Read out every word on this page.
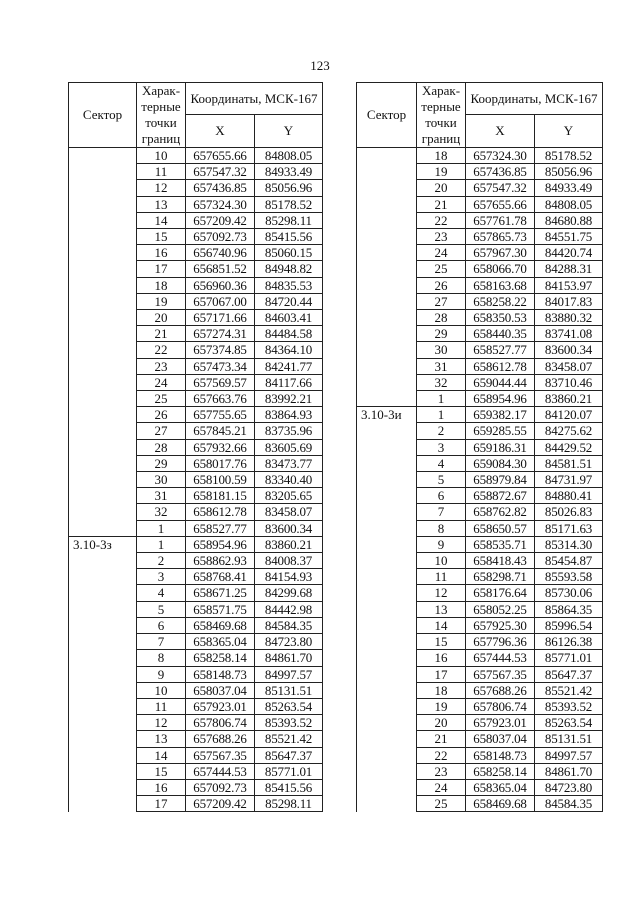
123
Сектор	Харак-терные точки границ	Координаты, МСК-167	
		X	Y
	10	657655.66	84808.05
	11	657547.32	84933.49
	12	657436.85	85056.96
	13	657324.30	85178.52
	14	657209.42	85298.11
	15	657092.73	85415.56
	16	656740.96	85060.15
	17	656851.52	84948.82
	18	656960.36	84835.53
	19	657067.00	84720.44
	20	657171.66	84603.41
	21	657274.31	84484.58
	22	657374.85	84364.10
	23	657473.34	84241.77
	24	657569.57	84117.66
	25	657663.76	83992.21
	26	657755.65	83864.93
	27	657845.21	83735.96
	28	657932.66	83605.69
	29	658017.76	83473.77
	30	658100.59	83340.40
	31	658181.15	83205.65
	32	658612.78	83458.07
	1	658527.77	83600.34
3.10-3з	1	658954.96	83860.21
	2	658862.93	84008.37
	3	658768.41	84154.93
	4	658671.25	84299.68
	5	658571.75	84442.98
	6	658469.68	84584.35
	7	658365.04	84723.80
	8	658258.14	84861.70
	9	658148.73	84997.57
	10	658037.04	85131.51
	11	657923.01	85263.54
	12	657806.74	85393.52
	13	657688.26	85521.42
	14	657567.35	85647.37
	15	657444.53	85771.01
	16	657092.73	85415.56
	17	657209.42	85298.11
Сектор	Харак-терные точки границ	Координаты, МСК-167	
		X	Y
	18	657324.30	85178.52
	19	657436.85	85056.96
	20	657547.32	84933.49
	21	657655.66	84808.05
	22	657761.78	84680.88
	23	657865.73	84551.75
	24	657967.30	84420.74
	25	658066.70	84288.31
	26	658163.68	84153.97
	27	658258.22	84017.83
	28	658350.53	83880.32
	29	658440.35	83741.08
	30	658527.77	83600.34
	31	658612.78	83458.07
	32	659044.44	83710.46
	1	658954.96	83860.21
3.10-3и	1	659382.17	84120.07
	2	659285.55	84275.62
	3	659186.31	84429.52
	4	659084.30	84581.51
	5	658979.84	84731.97
	6	658872.67	84880.41
	7	658762.82	85026.83
	8	658650.57	85171.63
	9	658535.71	85314.30
	10	658418.43	85454.87
	11	658298.71	85593.58
	12	658176.64	85730.06
	13	658052.25	85864.35
	14	657925.30	85996.54
	15	657796.36	86126.38
	16	657444.53	85771.01
	17	657567.35	85647.37
	18	657688.26	85521.42
	19	657806.74	85393.52
	20	657923.01	85263.54
	21	658037.04	85131.51
	22	658148.73	84997.57
	23	658258.14	84861.70
	24	658365.04	84723.80
	25	658469.68	84584.35
